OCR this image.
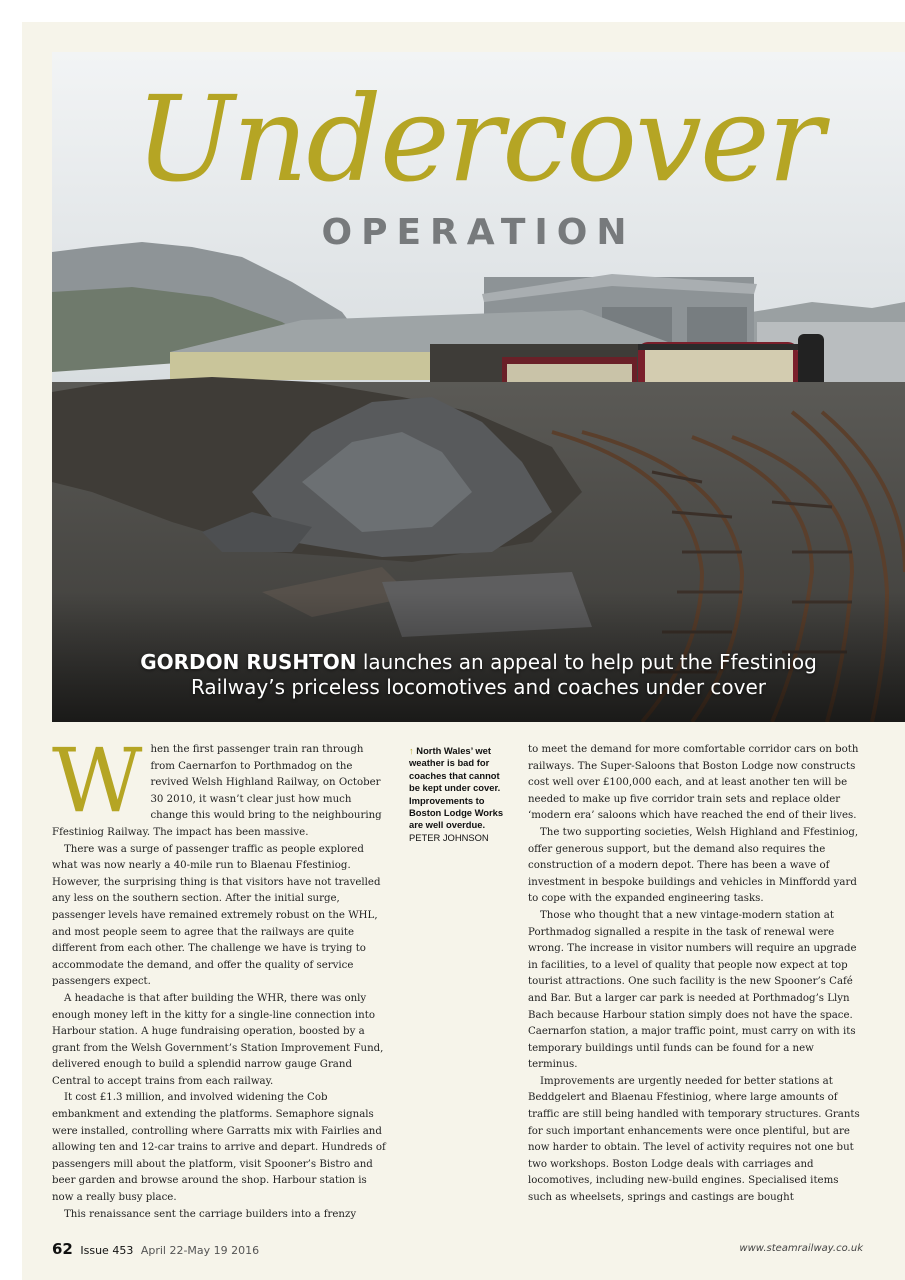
Undercover
OPERATION
GORDON RUSHTON launches an appeal to help put the Ffestiniog
Railway’s priceless locomotives and coaches under cover
W hen the first passenger train ran through from Caernarfon to Porthmadog on the revived Welsh Highland Railway, on October 30 2010, it wasn’t clear just how much change this would bring to the neighbouring Ffestiniog Railway. The impact has been massive.

There was a surge of passenger traffic as people explored what was now nearly a 40-mile run to Blaenau Ffestiniog. However, the surprising thing is that visitors have not travelled any less on the southern section. After the initial surge, passenger levels have remained extremely robust on the WHL, and most people seem to agree that the railways are quite different from each other. The challenge we have is trying to accommodate the demand, and offer the quality of service passengers expect.

A headache is that after building the WHR, there was only enough money left in the kitty for a single-line connection into Harbour station. A huge fundraising operation, boosted by a grant from the Welsh Government’s Station Improvement Fund, delivered enough to build a splendid narrow gauge Grand Central to accept trains from each railway.

It cost £1.3 million, and involved widening the Cob embankment and extending the platforms. Semaphore signals were installed, controlling where Garratts mix with Fairlies and allowing ten and 12-car trains to arrive and depart. Hundreds of passengers mill about the platform, visit Spooner’s Bistro and beer garden and browse around the shop. Harbour station is now a really busy place.

This renaissance sent the carriage builders into a frenzy

↑ North Wales’ wet weather is bad for coaches that cannot be kept under cover. Improvements to Boston Lodge Works are well overdue.
PETER JOHNSON

to meet the demand for more comfortable corridor cars on both railways. The Super-Saloons that Boston Lodge now constructs cost well over £100,000 each, and at least another ten will be needed to make up five corridor train sets and replace older ‘modern era’ saloons which have reached the end of their lives.

The two supporting societies, Welsh Highland and Ffestiniog, offer generous support, but the demand also requires the construction of a modern depot. There has been a wave of investment in bespoke buildings and vehicles in Minffordd yard to cope with the expanded engineering tasks.

Those who thought that a new vintage-modern station at Porthmadog signalled a respite in the task of renewal were wrong. The increase in visitor numbers will require an upgrade in facilities, to a level of quality that people now expect at top tourist attractions. One such facility is the new Spooner’s Café and Bar. But a larger car park is needed at Porthmadog’s Llyn Bach because Harbour station simply does not have the space. Caernarfon station, a major traffic point, must carry on with its temporary buildings until funds can be found for a new terminus.

Improvements are urgently needed for better stations at Beddgelert and Blaenau Ffestiniog, where large amounts of traffic are still being handled with temporary structures. Grants for such important enhancements were once plentiful, but are now harder to obtain. The level of activity requires not one but two workshops. Boston Lodge deals with carriages and locomotives, including new-build engines. Specialised items such as wheelsets, springs and castings are bought

62 Issue 453 April 22-May 19 2016	www.steamrailway.co.uk
